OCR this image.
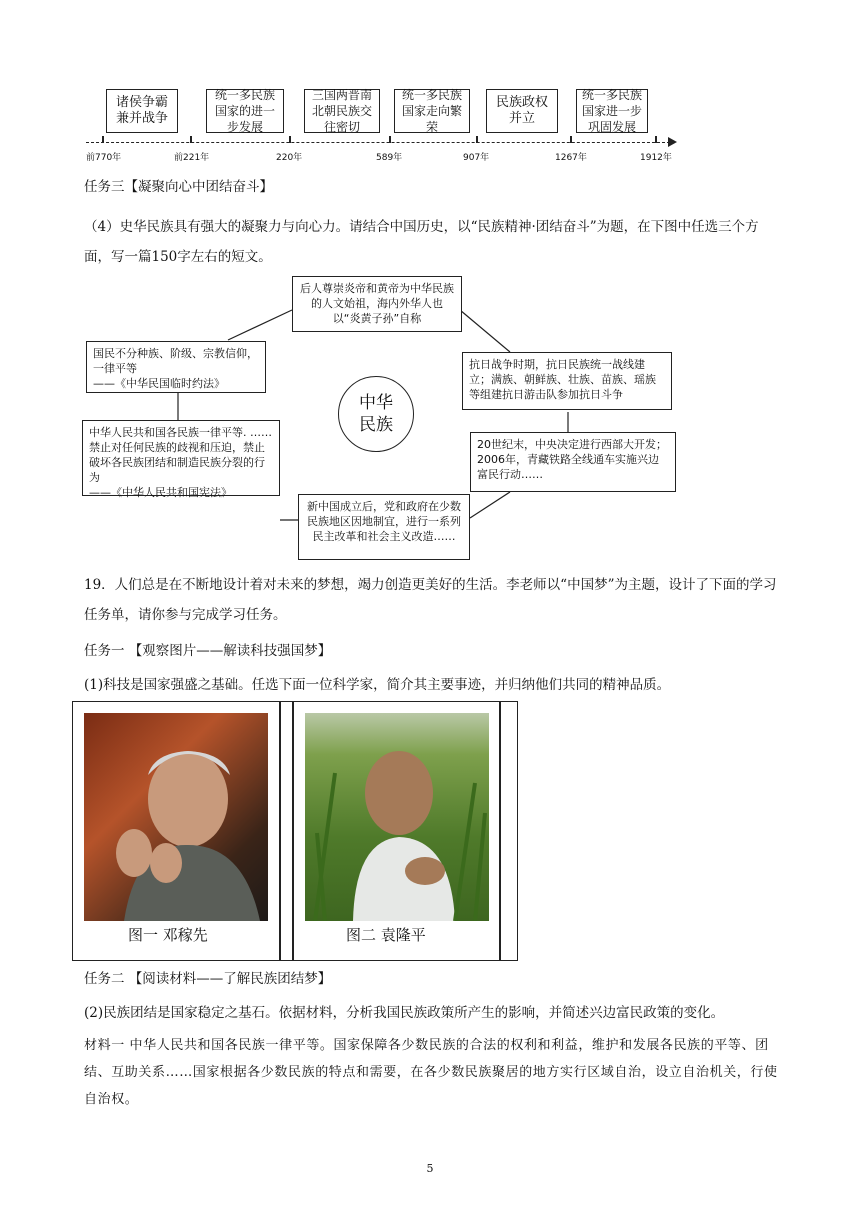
诸侯争霸
兼并战争
统一多民族
国家的进一
步发展
三国两晋南
北朝民族交
往密切
统一多民族
国家走向繁
荣
民族政权
并立
统一多民族
国家进一步
巩固发展
前770年	前221年	220年	589年	907年	1267年	1912年
任务三【凝聚向心中团结奋斗】
（4）史华民族具有强大的凝聚力与向心力。请结合中国历史，以“民族精神·团结奋斗”为题，在下图中任选三个方面，写一篇150字左右的短文。
后人尊崇炎帝和黄帝为中华民族的人文始祖，海内外华人也以“炎黄子孙”自称
国民不分种族、阶级、宗教信仰，一律平等
——《中华民国临时约法》
中华人民共和国各民族一律平等. ……禁止对任何民族的歧视和压迫，禁止破坏各民族团结和制造民族分裂的行为
——《中华人民共和国宪法》
抗日战争时期，抗日民族统一战线建立；满族、朝鲜族、壮族、苗族、瑶族等组建抗日游击队参加抗日斗争
20世纪末，中央决定进行西部大开发；2006年，青藏铁路全线通车实施兴边富民行动……
新中国成立后，党和政府在少数民族地区因地制宜，进行一系列民主改革和社会主义改造……
中华
民族
19．人们总是在不断地设计着对未来的梦想，竭力创造更美好的生活。李老师以“中国梦”为主题，设计了下面的学习任务单，请你参与完成学习任务。
任务一 【观察图片——解读科技强国梦】
(1)科技是国家强盛之基础。任选下面一位科学家，简介其主要事迹，并归纳他们共同的精神品质。
图一 邓稼先	图二 袁隆平
任务二 【阅读材料——了解民族团结梦】
(2)民族团结是国家稳定之基石。依据材料，分析我国民族政策所产生的影响，并简述兴边富民政策的变化。
材料一 中华人民共和国各民族一律平等。国家保障各少数民族的合法的权利和利益，维护和发展各民族的平等、团结、互助关系……国家根据各少数民族的特点和需要，在各少数民族聚居的地方实行区域自治，设立自治机关，行使自治权。
5
